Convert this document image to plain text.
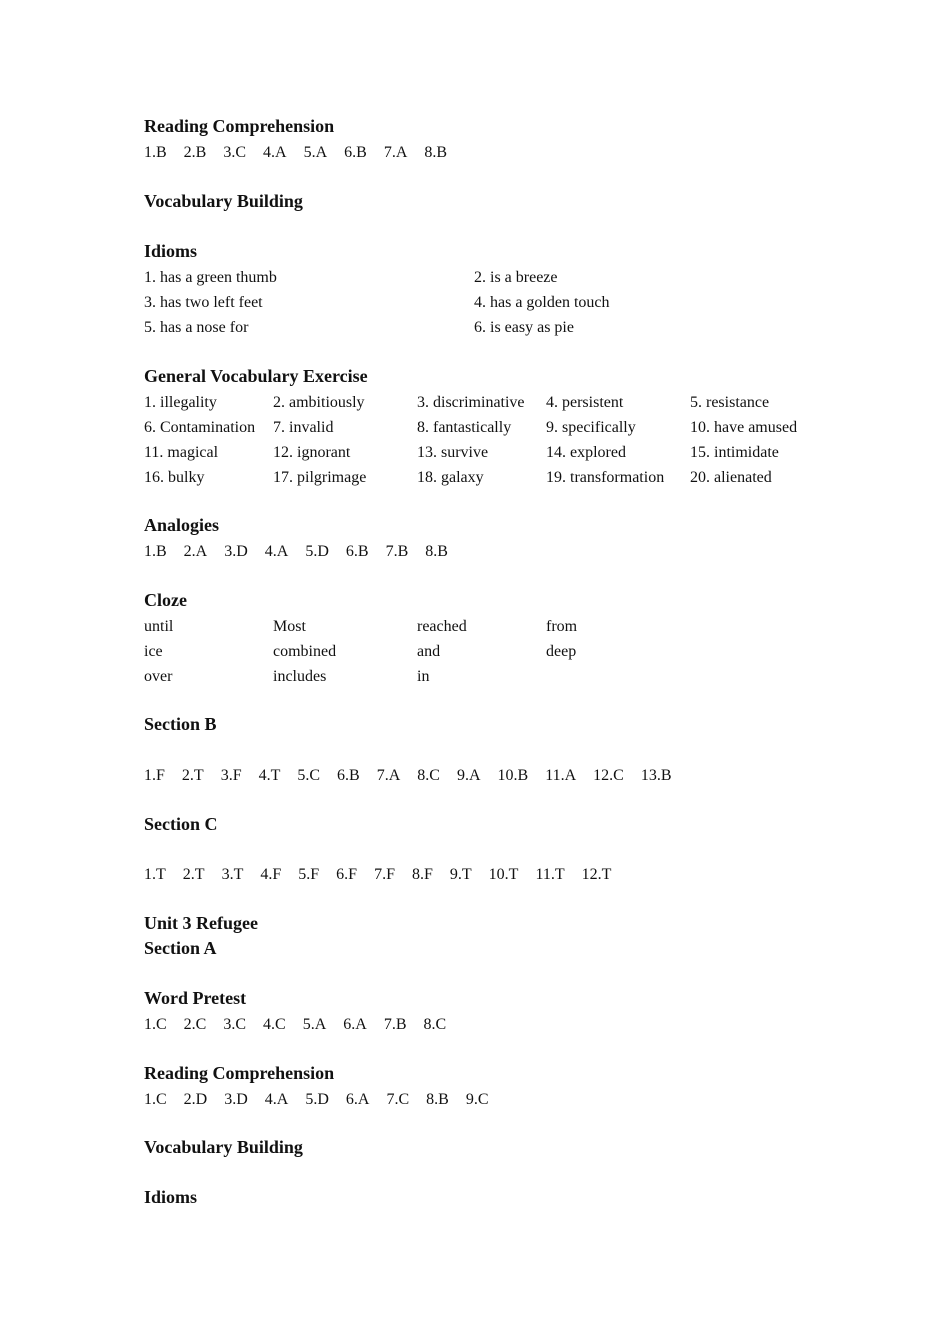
Reading Comprehension
1.B 2.B 3.C 4.A 5.A 6.B 7.A 8.B
Vocabulary Building
Idioms
1. has a green thumb	2. is a breeze
3. has two left feet	4. has a golden touch
5. has a nose for	6. is easy as pie
General Vocabulary Exercise
1. illegality	2. ambitiously	3. discriminative 4. persistent	5. resistance
6. Contamination 7. invalid	8. fantastically 9. specifically	10. have amused
11. magical	12. ignorant	13. survive	14. explored	15. intimidate
16. bulky	17. pilgrimage	18. galaxy	19. transformation 20. alienated
Analogies
1.B 2.A 3.D 4.A 5.D 6.B 7.B 8.B
Cloze
until	Most	reached	from
ice	combined	and	deep
over	includes	in
Section B
1.F 2.T 3.F 4.T 5.C 6.B 7.A 8.C 9.A 10.B 11.A 12.C 13.B
Section C
1.T 2.T 3.T 4.F 5.F 6.F 7.F 8.F 9.T 10.T 11.T 12.T
Unit 3 Refugee
Section A
Word Pretest
1.C 2.C 3.C 4.C 5.A 6.A 7.B 8.C
Reading Comprehension
1.C 2.D 3.D 4.A 5.D 6.A 7.C 8.B 9.C
Vocabulary Building
Idioms
